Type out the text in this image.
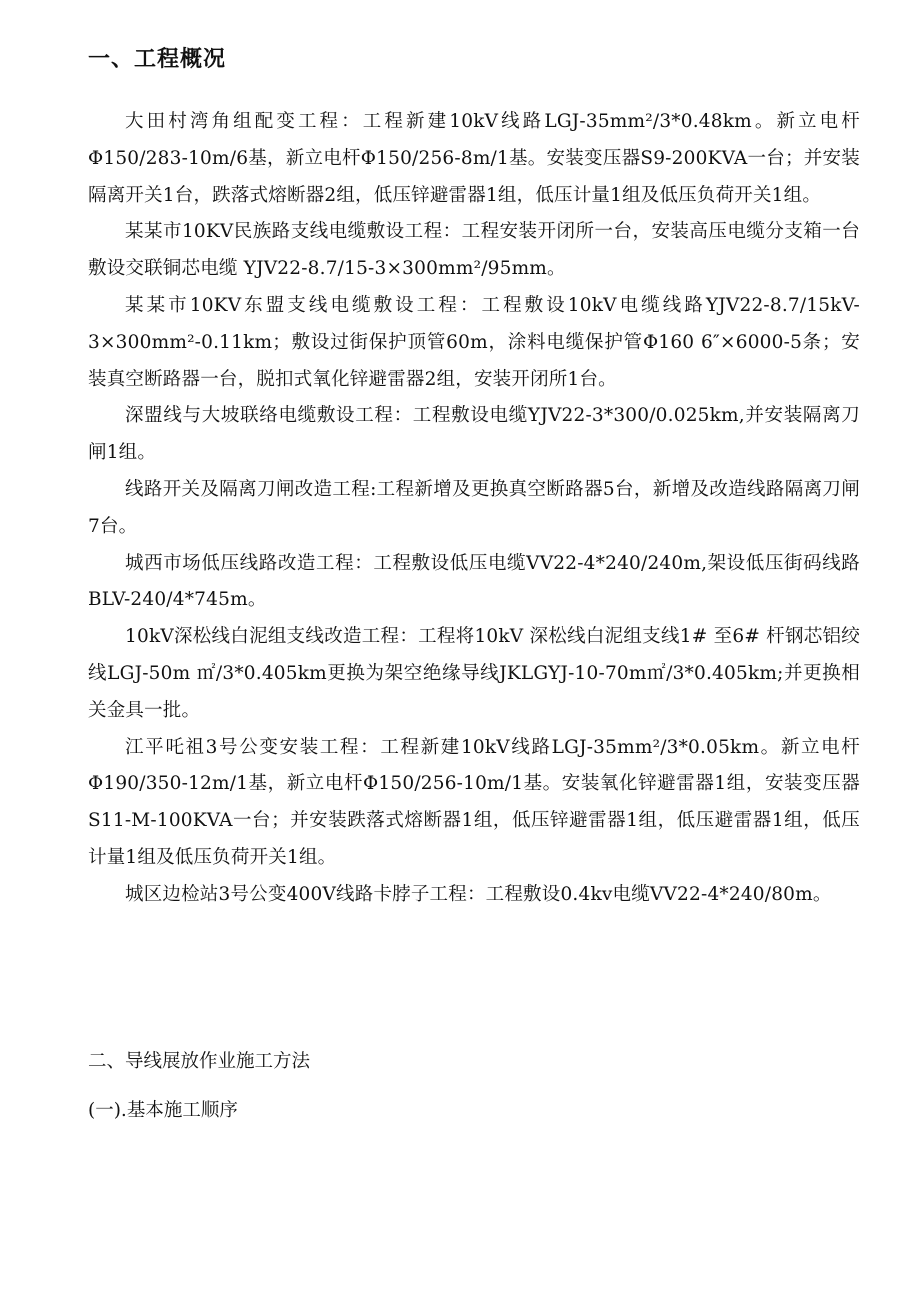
一、工程概况

大田村湾角组配变工程：工程新建10kV线路LGJ-35mm²/3*0.48km。新立电杆Φ150/283-10m/6基，新立电杆Φ150/256-8m/1基。安装变压器S9-200KVA一台；并安装隔离开关1台，跌落式熔断器2组，低压锌避雷器1组，低压计量1组及低压负荷开关1组。

某某市10KV民族路支线电缆敷设工程：工程安装开闭所一台，安装高压电缆分支箱一台敷设交联铜芯电缆 YJV22-8.7/15-3×300mm²/95mm。

某某市10KV东盟支线电缆敷设工程：工程敷设10kV电缆线路YJV22-8.7/15kV-3×300mm²-0.11km；敷设过街保护顶管60m，涂料电缆保护管Φ160 6″×6000-5条；安装真空断路器一台，脱扣式氧化锌避雷器2组，安装开闭所1台。

深盟线与大坡联络电缆敷设工程：工程敷设电缆YJV22-3*300/0.025km,并安装隔离刀闸1组。

线路开关及隔离刀闸改造工程:工程新增及更换真空断路器5台，新增及改造线路隔离刀闸7台。

城西市场低压线路改造工程：工程敷设低压电缆VV22-4*240/240m,架设低压街码线路BLV-240/4*745m。

10kV深松线白泥组支线改造工程：工程将10kV 深松线白泥组支线1# 至6# 杆钢芯铝绞线LGJ-50m ㎡/3*0.405km更换为架空绝缘导线JKLGYJ-10-70m㎡/3*0.405km;并更换相关金具一批。

江平吒祖3号公变安装工程：工程新建10kV线路LGJ-35mm²/3*0.05km。新立电杆Φ190/350-12m/1基，新立电杆Φ150/256-10m/1基。安装氧化锌避雷器1组，安装变压器S11-M-100KVA一台；并安装跌落式熔断器1组，低压锌避雷器1组，低压避雷器1组，低压计量1组及低压负荷开关1组。

城区边检站3号公变400V线路卡脖子工程：工程敷设0.4kv电缆VV22-4*240/80m。

二、导线展放作业施工方法

(一).基本施工顺序
